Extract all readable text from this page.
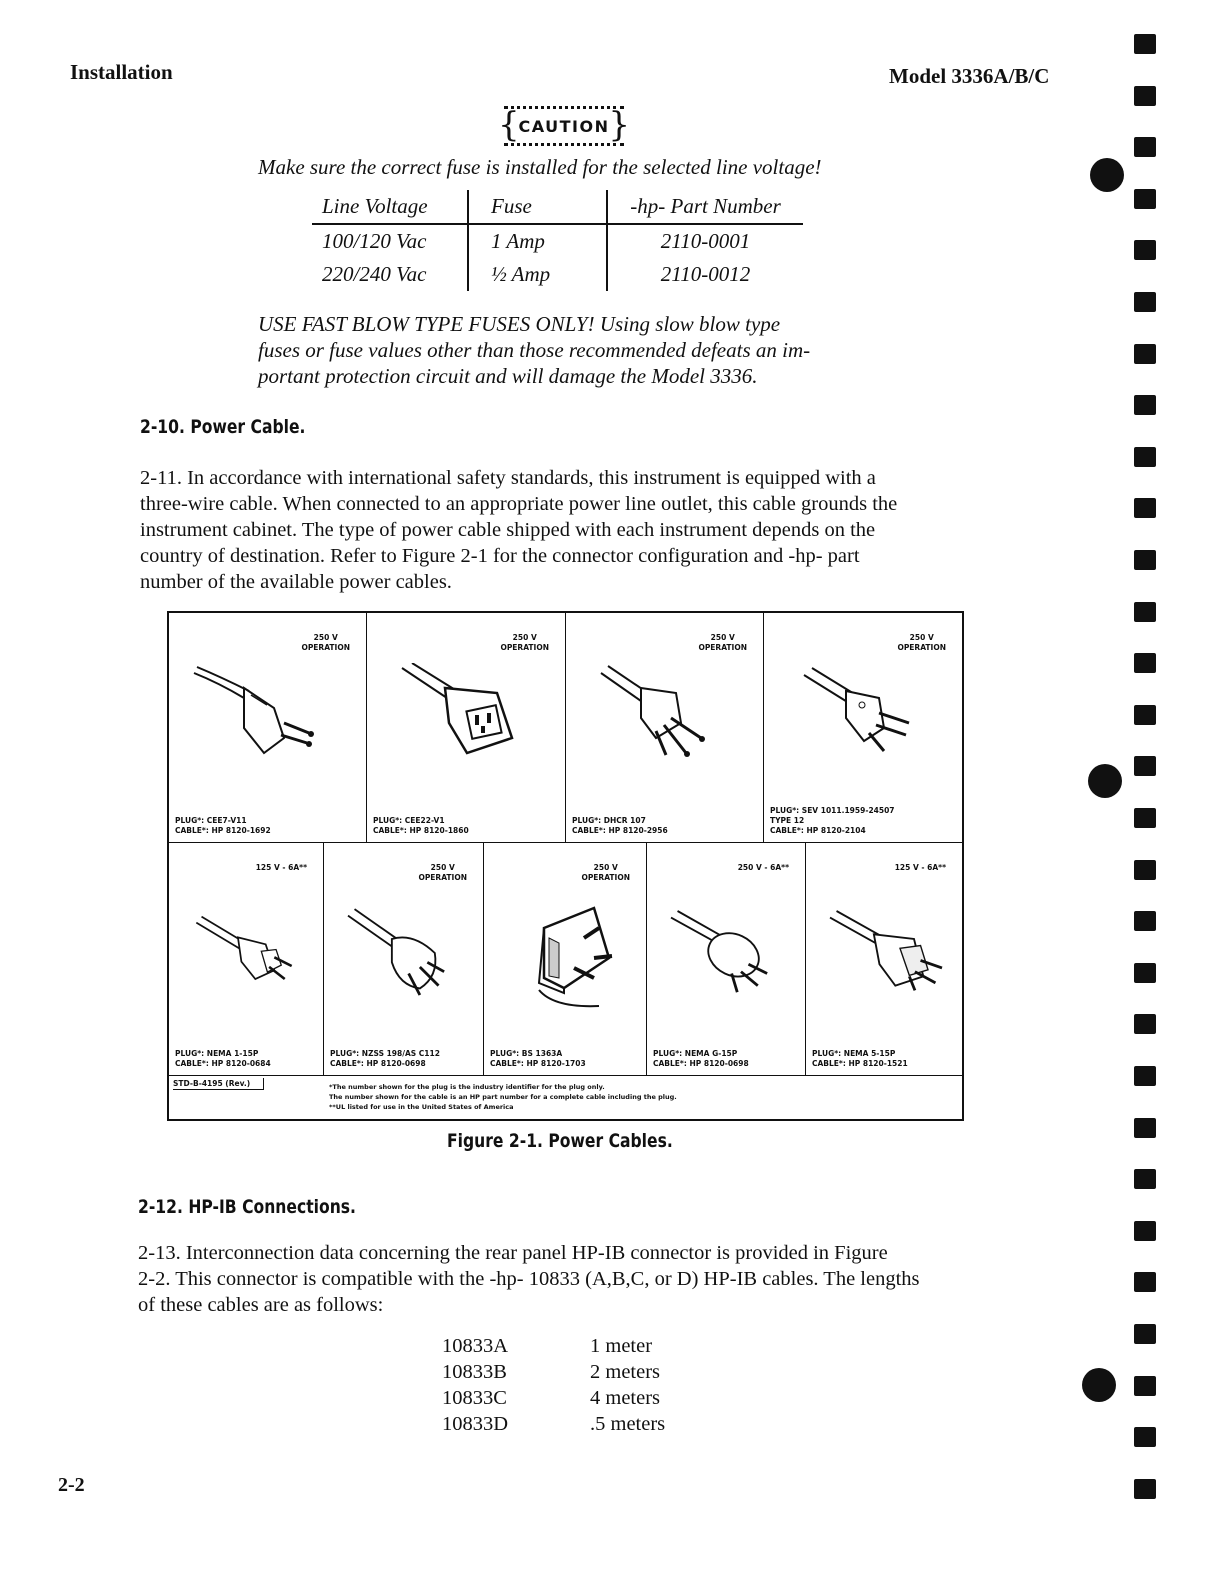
Installation	Model 3336A/B/C
{ CAUTION
}
Make sure the correct fuse is installed for the selected line voltage!
Line Voltage	Fuse	-hp- Part Number
100/120 Vac	1 Amp	2110-0001
220/240 Vac	½ Amp	2110-0012
USE FAST BLOW TYPE FUSES ONLY! Using slow blow type
fuses or fuse values other than those recommended defeats an im-
portant protection circuit and will damage the Model 3336.
2-10. Power Cable.
2-11. In accordance with international safety standards, this instrument is equipped with a
three-wire cable. When connected to an appropriate power line outlet, this cable grounds the
instrument cabinet. The type of power cable shipped with each instrument depends on the
country of destination. Refer to Figure 2-1 for the connector configuration and -hp- part
number of the available power cables.
250 V
OPERATION
PLUG*: CEE7-V11
CABLE*: HP 8120-1692
250 V
OPERATION
PLUG*: CEE22-V1
CABLE*: HP 8120-1860
250 V
OPERATION
PLUG*: DHCR 107
CABLE*: HP 8120-2956
250 V
OPERATION
PLUG*: SEV 1011.1959-24507
TYPE 12
CABLE*: HP 8120-2104
125 V - 6A**
PLUG*: NEMA 1-15P
CABLE*: HP 8120-0684
250 V
OPERATION
PLUG*: NZSS 198/AS C112
CABLE*: HP 8120-0698
250 V
OPERATION
PLUG*: BS 1363A
CABLE*: HP 8120-1703
250 V - 6A**
PLUG*: NEMA G-15P
CABLE*: HP 8120-0698
125 V - 6A**
PLUG*: NEMA 5-15P
CABLE*: HP 8120-1521
STD-B-4195 (Rev.)	*The number shown for the plug is the industry identifier for the plug only.
The number shown for the cable is an HP part number for a complete cable including the plug.
**UL listed for use in the United States of America
Figure 2-1. Power Cables.
2-12. HP-IB Connections.
2-13. Interconnection data concerning the rear panel HP-IB connector is provided in Figure
2-2. This connector is compatible with the -hp- 10833 (A,B,C, or D) HP-IB cables. The lengths
of these cables are as follows:
10833A	1 meter
10833B	2 meters
10833C	4 meters
10833D	.5 meters
2-2
